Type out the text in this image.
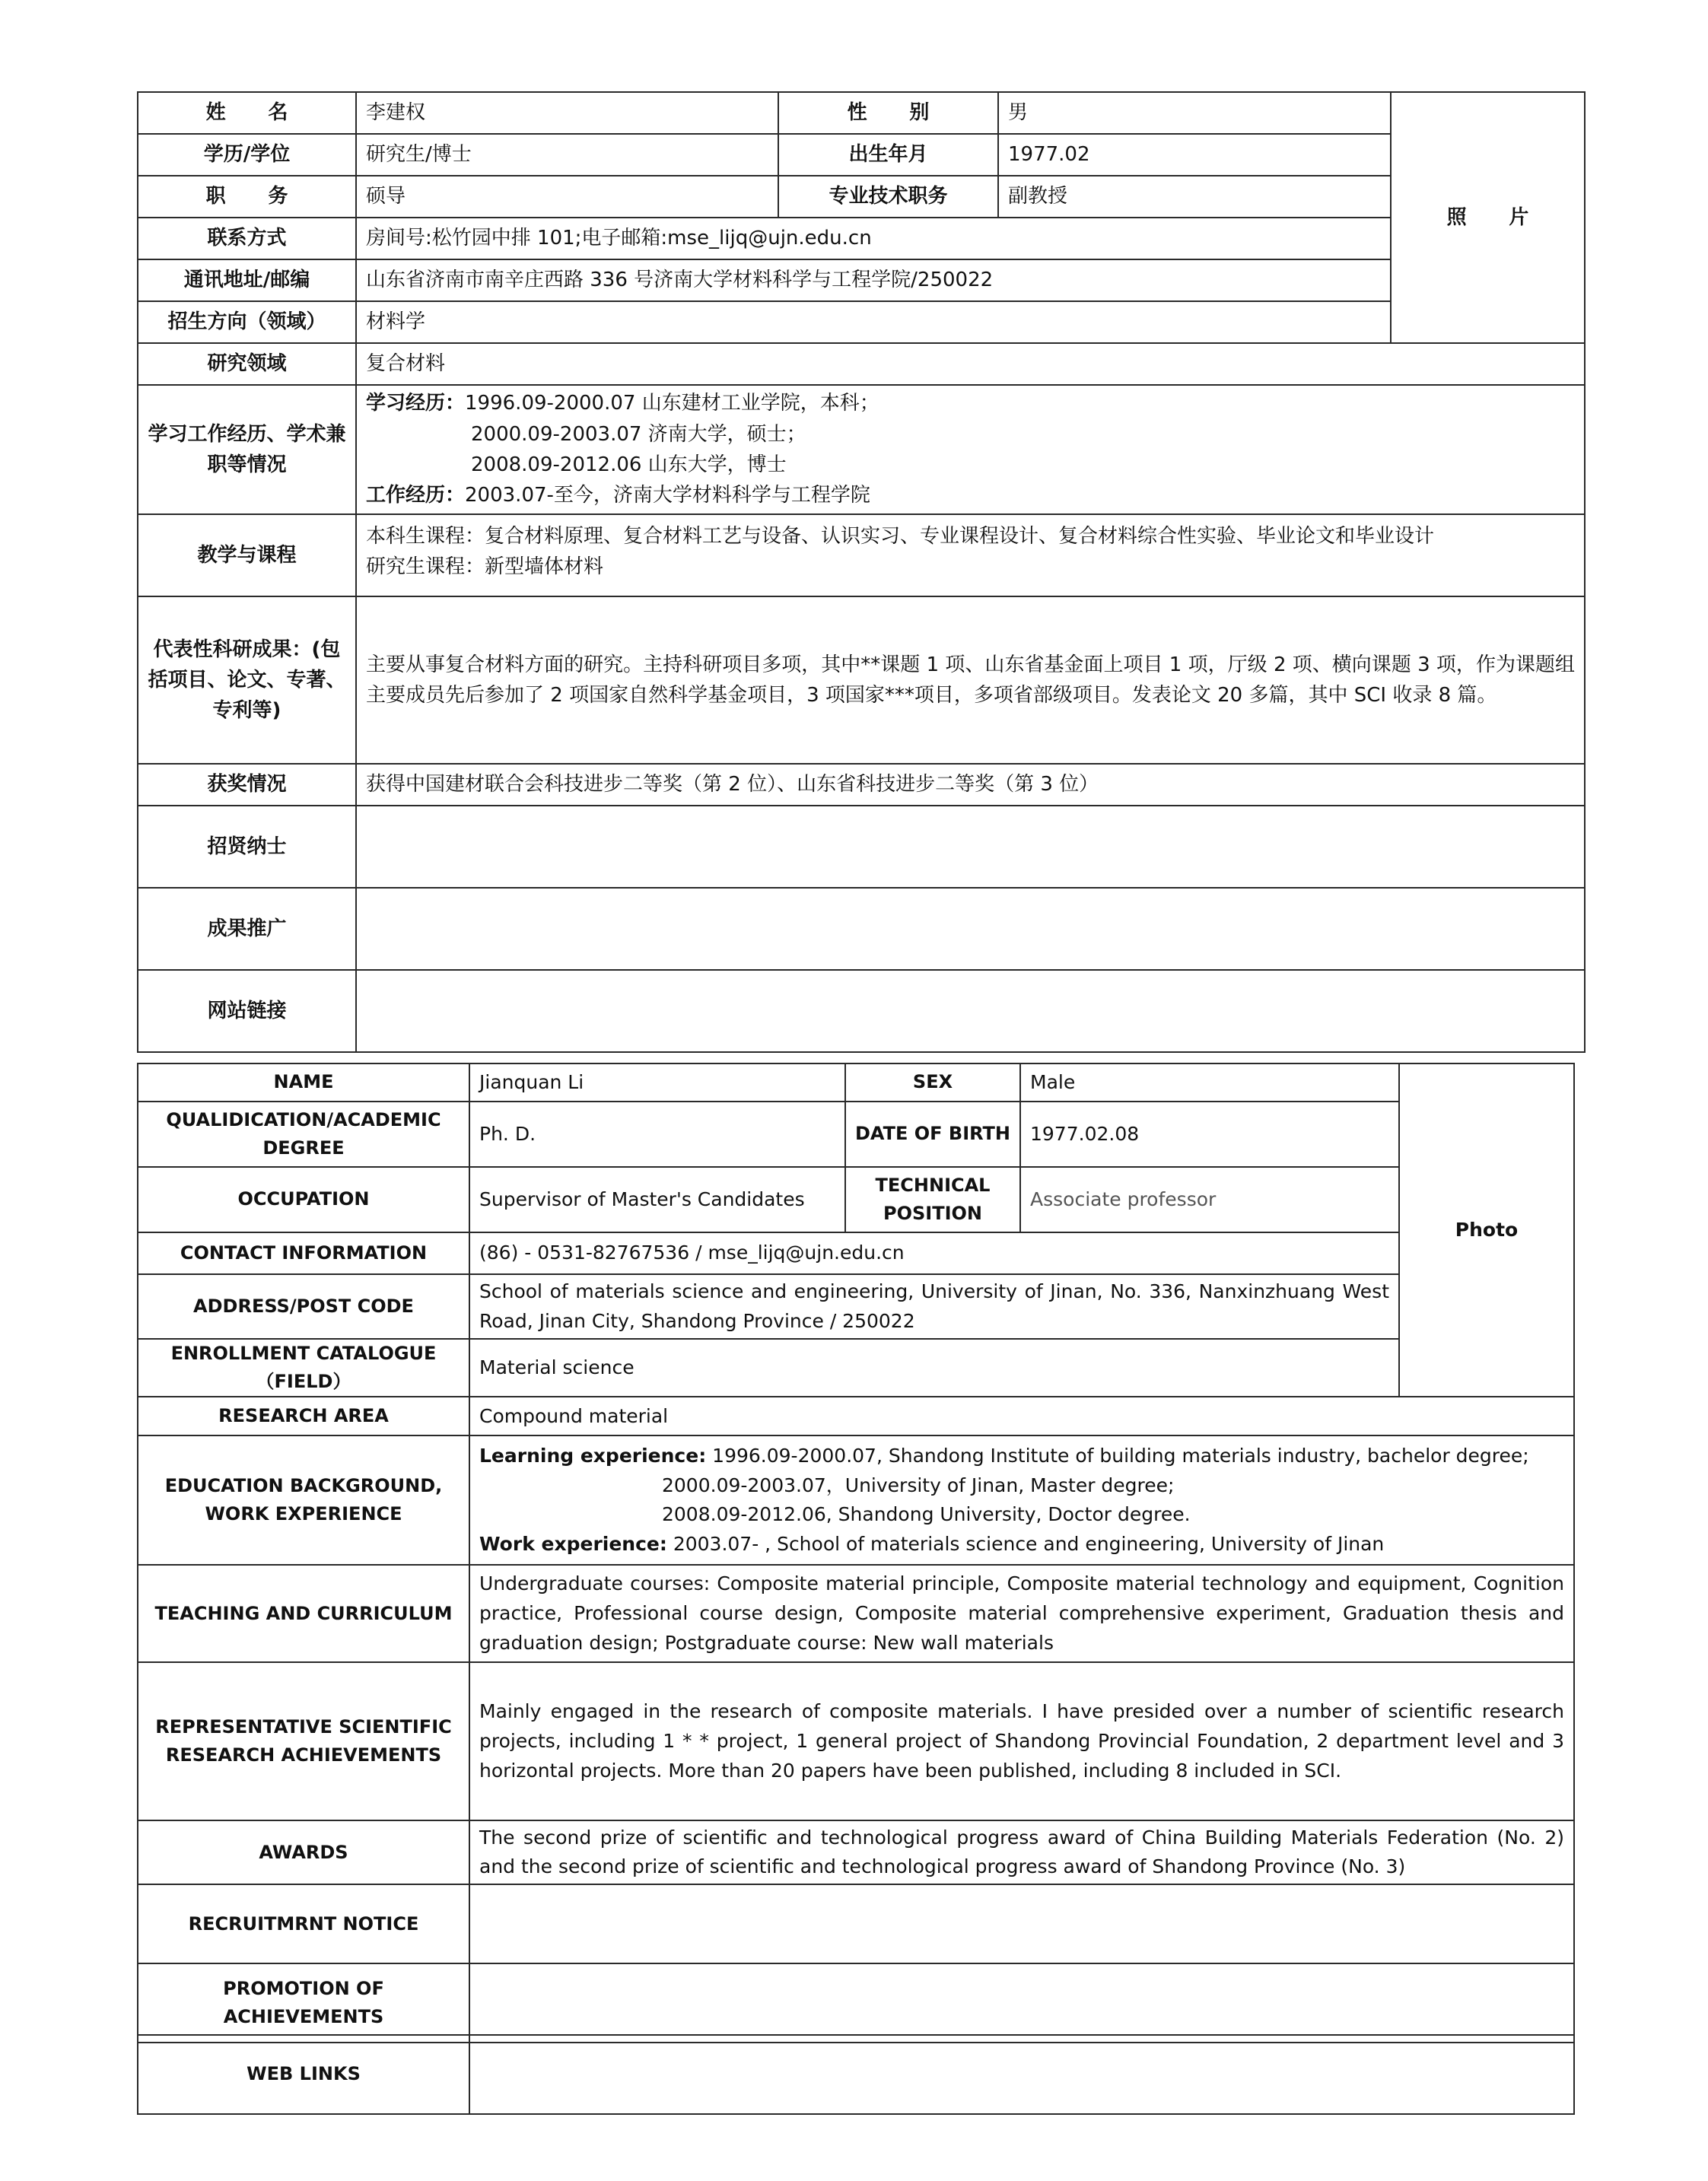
姓 名	李建权	性 别	男	照 片
学历/学位	研究生/博士	出生年月	1977.02	
职 务	硕导	专业技术职务	副教授	
联系方式	房间号:松竹园中排 101;电子邮箱:mse_lijq@ujn.edu.cn			
通讯地址/邮编	山东省济南市南辛庄西路 336 号济南大学材料科学与工程学院/250022			
招生方向（领域）	材料学			
研究领域	复合材料			
学习工作经历、学术兼职等情况	学习经历：1996.09-2000.07 山东建材工业学院，本科；
2000.09-2003.07 济南大学，硕士；
2008.09-2012.06 山东大学，博士
工作经历：2003.07-至今，济南大学材料科学与工程学院			

教学与课程	本科生课程：复合材料原理、复合材料工艺与设备、认识实习、专业课程设计、复合材料综合性实验、毕业论文和毕业设计
研究生课程：新型墙体材料			

代表性科研成果：(包括项目、论文、专著、专利等)	主要从事复合材料方面的研究。主持科研项目多项，其中**课题 1 项、山东省基金面上项目 1 项，厅级 2 项、横向课题 3 项，作为课题组主要成员先后参加了 2 项国家自然科学基金项目，3 项国家***项目，多项省部级项目。发表论文 20 多篇，其中 SCI 收录 8 篇。			
获奖情况	获得中国建材联合会科技进步二等奖（第 2 位）、山东省科技进步二等奖（第 3 位）			
招贤纳士				
成果推广				
网站链接				
NAME	Jianquan Li	SEX	Male	Photo
QUALIDICATION/ACADEMIC DEGREE	Ph. D.	DATE OF BIRTH	1977.02.08	
OCCUPATION	Supervisor of Master's Candidates	TECHNICAL POSITION	Associate professor	
CONTACT INFORMATION	(86) - 0531-82767536 / mse_lijq@ujn.edu.cn			
ADDRESS/POST CODE	School of materials science and engineering, University of Jinan, No. 336, Nanxinzhuang West Road, Jinan City, Shandong Province / 250022			
ENROLLMENT CATALOGUE（FIELD）	Material science			
RESEARCH AREA	Compound material			
EDUCATION BACKGROUND, WORK EXPERIENCE	Learning experience: 1996.09-2000.07, Shandong Institute of building materials industry, bachelor degree;
2000.09-2003.07，University of Jinan, Master degree;
2008.09-2012.06, Shandong University, Doctor degree.
Work experience: 2003.07- , School of materials science and engineering, University of Jinan			

TEACHING AND CURRICULUM	Undergraduate courses: Composite material principle, Composite material technology and equipment, Cognition practice, Professional course design, Composite material comprehensive experiment, Graduation thesis and graduation design; Postgraduate course: New wall materials			
REPRESENTATIVE SCIENTIFIC RESEARCH ACHIEVEMENTS	Mainly engaged in the research of composite materials. I have presided over a number of scientific research projects, including 1 * * project, 1 general project of Shandong Provincial Foundation, 2 department level and 3 horizontal projects. More than 20 papers have been published, including 8 included in SCI.			
AWARDS	The second prize of scientific and technological progress award of China Building Materials Federation (No. 2) and the second prize of scientific and technological progress award of Shandong Province (No. 3)			
RECRUITMRNT NOTICE				
PROMOTION OF ACHIEVEMENTS				
WEB LINKS	
